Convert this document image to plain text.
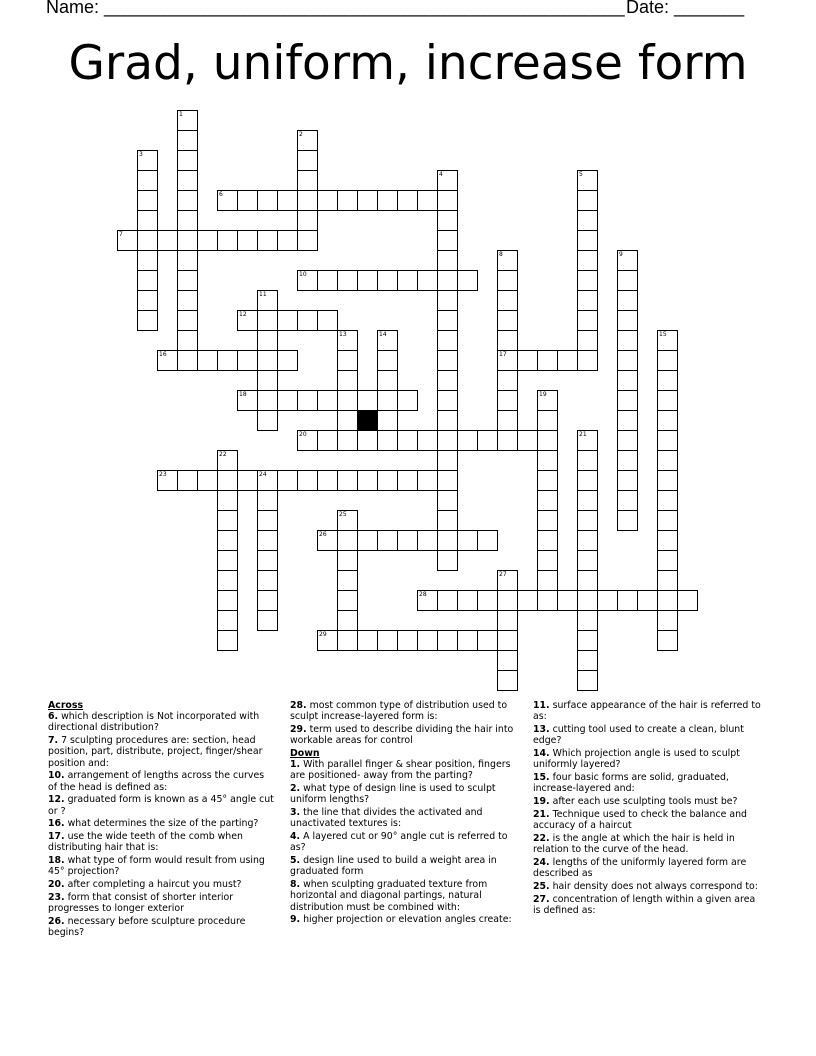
Name: ____________________________________________________ Date: _______
Grad, uniform, increase form
1
2
3
4	5
6
7
8	9
10
11
12
13	14	15
16	17
18	19
20	21
22
23	24
25
26
27
28
29
Across
6. which description is Not incorporated with directional distribution?
7. 7 sculpting procedures are: section, head position, part, distribute, project, finger/shear position and:
10. arrangement of lengths across the curves of the head is defined as:
12. graduated form is known as a 45° angle cut or ?
16. what determines the size of the parting?
17. use the wide teeth of the comb when distributing hair that is:
18. what type of form would result from using 45° projection?
20. after completing a haircut you must?
23. form that consist of shorter interior progresses to longer exterior
26. necessary before sculpture procedure begins?
28. most common type of distribution used to sculpt increase-layered form is:
29. term used to describe dividing the hair into workable areas for control
Down
1. With parallel finger & shear position, fingers are positioned- away from the parting?
2. what type of design line is used to sculpt uniform lengths?
3. the line that divides the activated and unactivated textures is:
4. A layered cut or 90° angle cut is referred to as?
5. design line used to build a weight area in graduated form
8. when sculpting graduated texture from horizontal and diagonal partings, natural distribution must be combined with:
9. higher projection or elevation angles create:
11. surface appearance of the hair is referred to as:
13. cutting tool used to create a clean, blunt edge?
14. Which projection angle is used to sculpt uniformly layered?
15. four basic forms are solid, graduated, increase-layered and:
19. after each use sculpting tools must be?
21. Technique used to check the balance and accuracy of a haircut
22. is the angle at which the hair is held in relation to the curve of the head.
24. lengths of the uniformly layered form are described as
25. hair density does not always correspond to:
27. concentration of length within a given area is defined as:
